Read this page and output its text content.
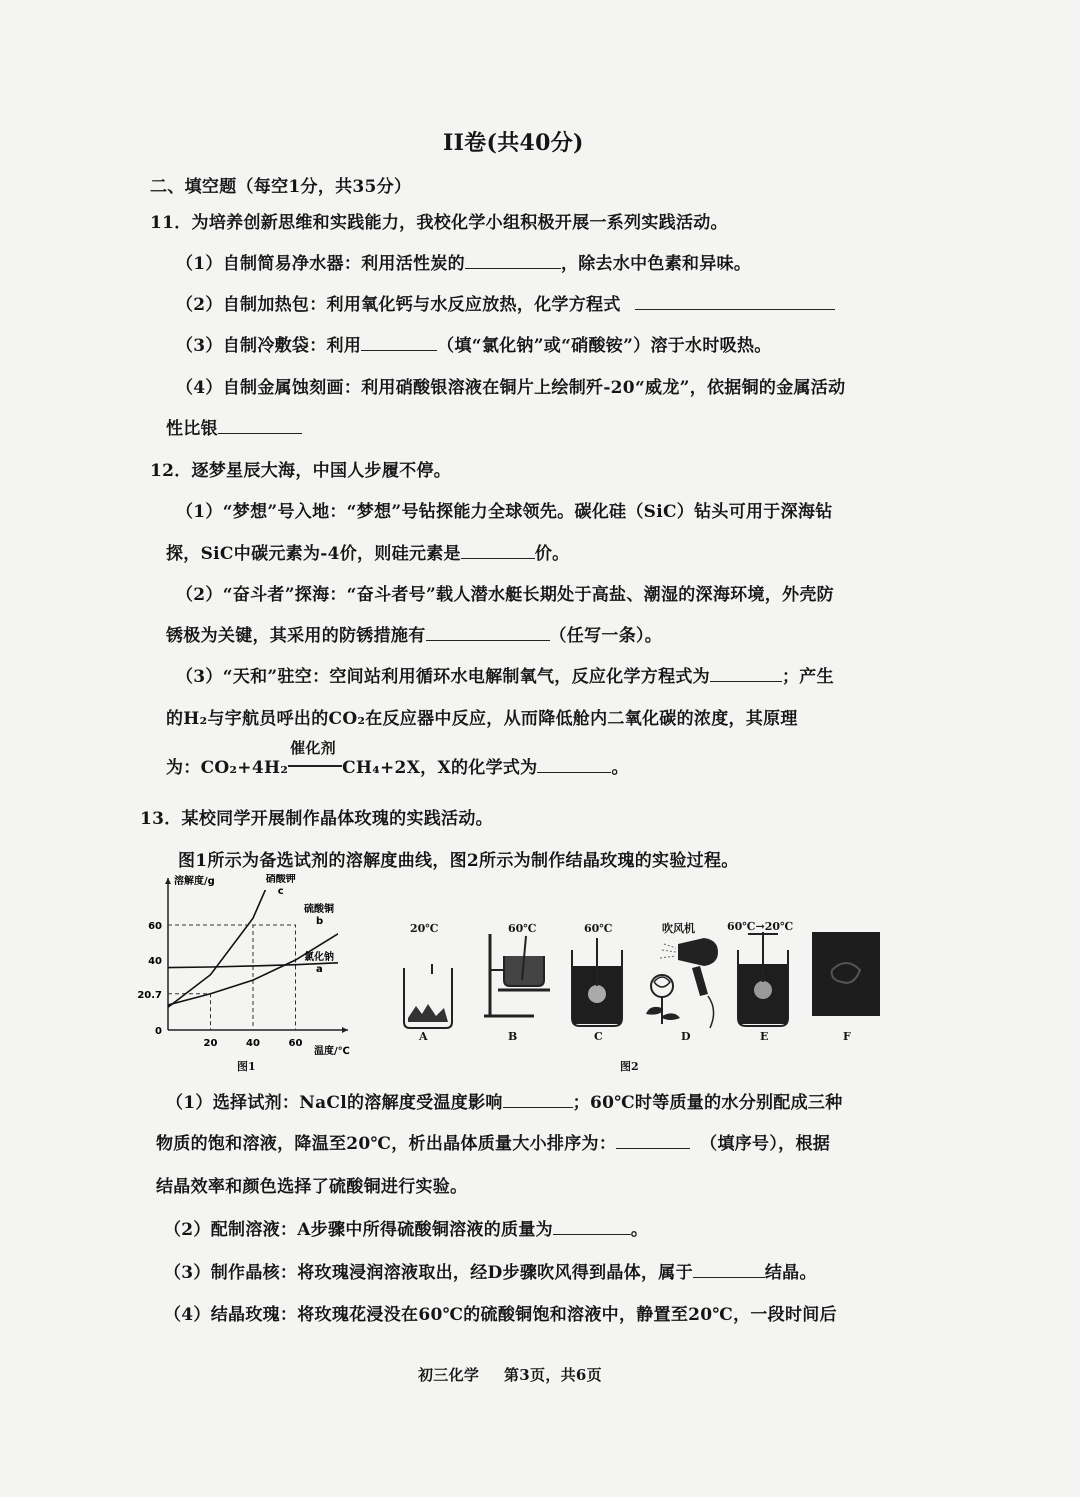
II卷(共40分)
二、填空题（每空1分，共35分）
11．为培养创新思维和实践能力，我校化学小组积极开展一系列实践活动。
（1）自制简易净水器：利用活性炭的	，除去水中色素和异味。
（2）自制加热包：利用氧化钙与水反应放热，化学方程式
（3）自制冷敷袋：利用	（填“氯化钠”或“硝酸铵”）溶于水时吸热。
（4）自制金属蚀刻画：利用硝酸银溶液在铜片上绘制歼-20“威龙”，依据铜的金属活动
性比银
12．逐梦星辰大海，中国人步履不停。
（1）“梦想”号入地：“梦想”号钻探能力全球领先。碳化硅（SiC）钻头可用于深海钻
探，SiC中碳元素为-4价，则硅元素是	价。
（2）“奋斗者”探海：“奋斗者号”载人潜水艇长期处于高盐、潮湿的深海环境，外壳防
锈极为关键，其采用的防锈措施有	（任写一条）。
（3）“天和”驻空：空间站利用循环水电解制氧气，反应化学方程式为	；产生
的H₂与宇航员呼出的CO₂在反应器中反应，从而降低舱内二氧化碳的浓度，其原理
为：CO₂+4H₂
催化剂
CH₄+2X，X的化学式为	。
13．某校同学开展制作晶体玫瑰的实践活动。
图1所示为备选试剂的溶解度曲线，图2所示为制作结晶玫瑰的实验过程。
溶解度/g
温度/℃
0
20.7
40
60
20	40	60
硝酸钾
c
硫酸铜
b
氯化钠
a
图1
20℃	60℃	60℃	吹风机	60℃→20℃
A	B	C	D	E	F
图2
（1）选择试剂：NaCl的溶解度受温度影响	；60℃时等质量的水分别配成三种
物质的饱和溶液，降温至20℃，析出晶体质量大小排序为：	（填序号），根据
结晶效率和颜色选择了硫酸铜进行实验。
（2）配制溶液：A步骤中所得硫酸铜溶液的质量为	。
（3）制作晶核：将玫瑰浸润溶液取出，经D步骤吹风得到晶体，属于	结晶。
（4）结晶玫瑰：将玫瑰花浸没在60℃的硫酸铜饱和溶液中，静置至20℃，一段时间后
初三化学 第3页，共6页
